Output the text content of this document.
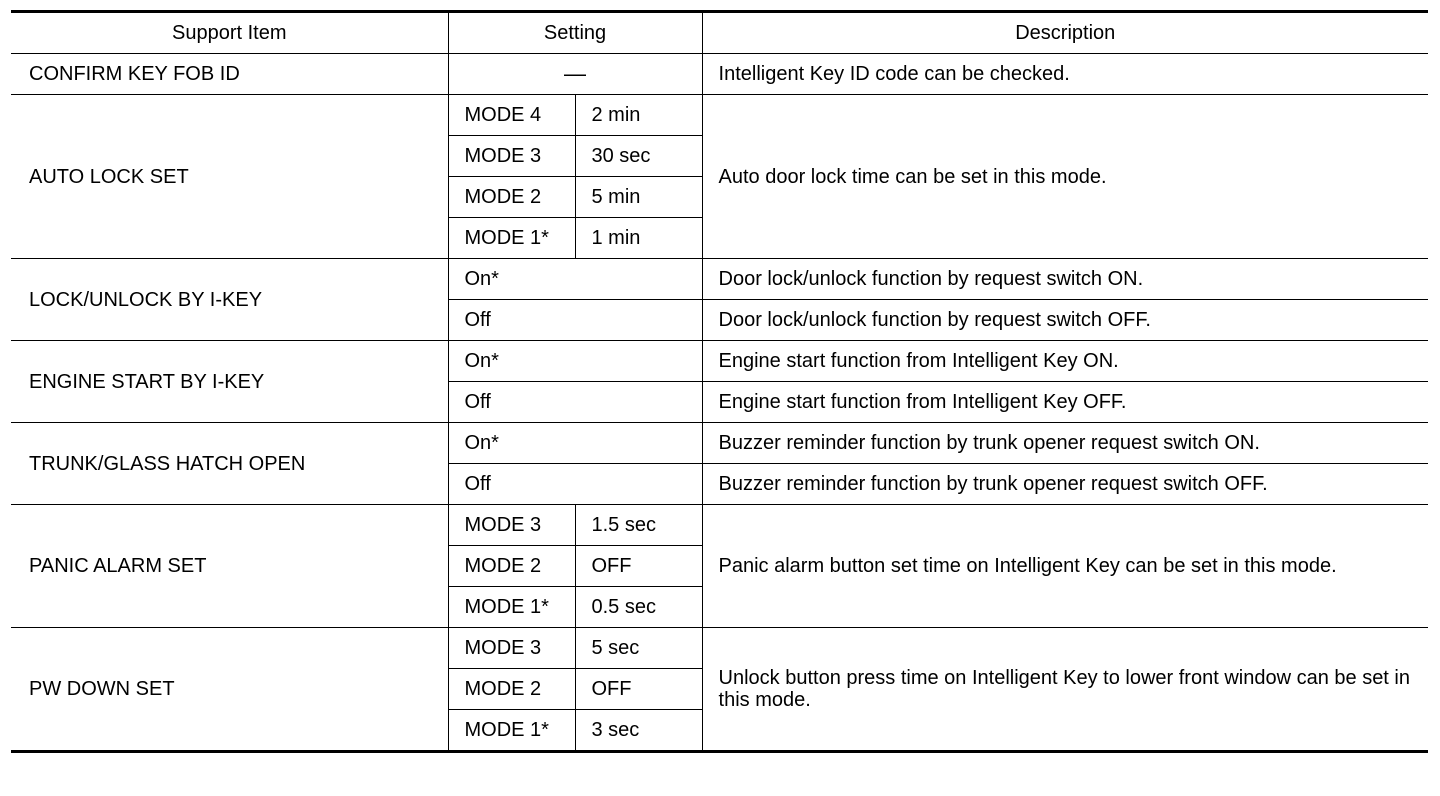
Support Item	Setting		Description
CONFIRM KEY FOB ID	—		Intelligent Key ID code can be checked.
AUTO LOCK SET	MODE 4	2 min	Auto door lock time can be set in this mode.
	MODE 3	30 sec	
	MODE 2	5 min	
	MODE 1*	1 min	
LOCK/UNLOCK BY I-KEY	On*		Door lock/unlock function by request switch ON.
	Off		Door lock/unlock function by request switch OFF.
ENGINE START BY I-KEY	On*		Engine start function from Intelligent Key ON.
	Off		Engine start function from Intelligent Key OFF.
TRUNK/GLASS HATCH OPEN	On*		Buzzer reminder function by trunk opener request switch ON.
	Off		Buzzer reminder function by trunk opener request switch OFF.
PANIC ALARM SET	MODE 3	1.5 sec	Panic alarm button set time on Intelligent Key can be set in this mode.
	MODE 2	OFF	
	MODE 1*	0.5 sec	
PW DOWN SET	MODE 3	5 sec	Unlock button press time on Intelligent Key to lower front window can be set in this mode.
	MODE 2	OFF	
	MODE 1*	3 sec	
